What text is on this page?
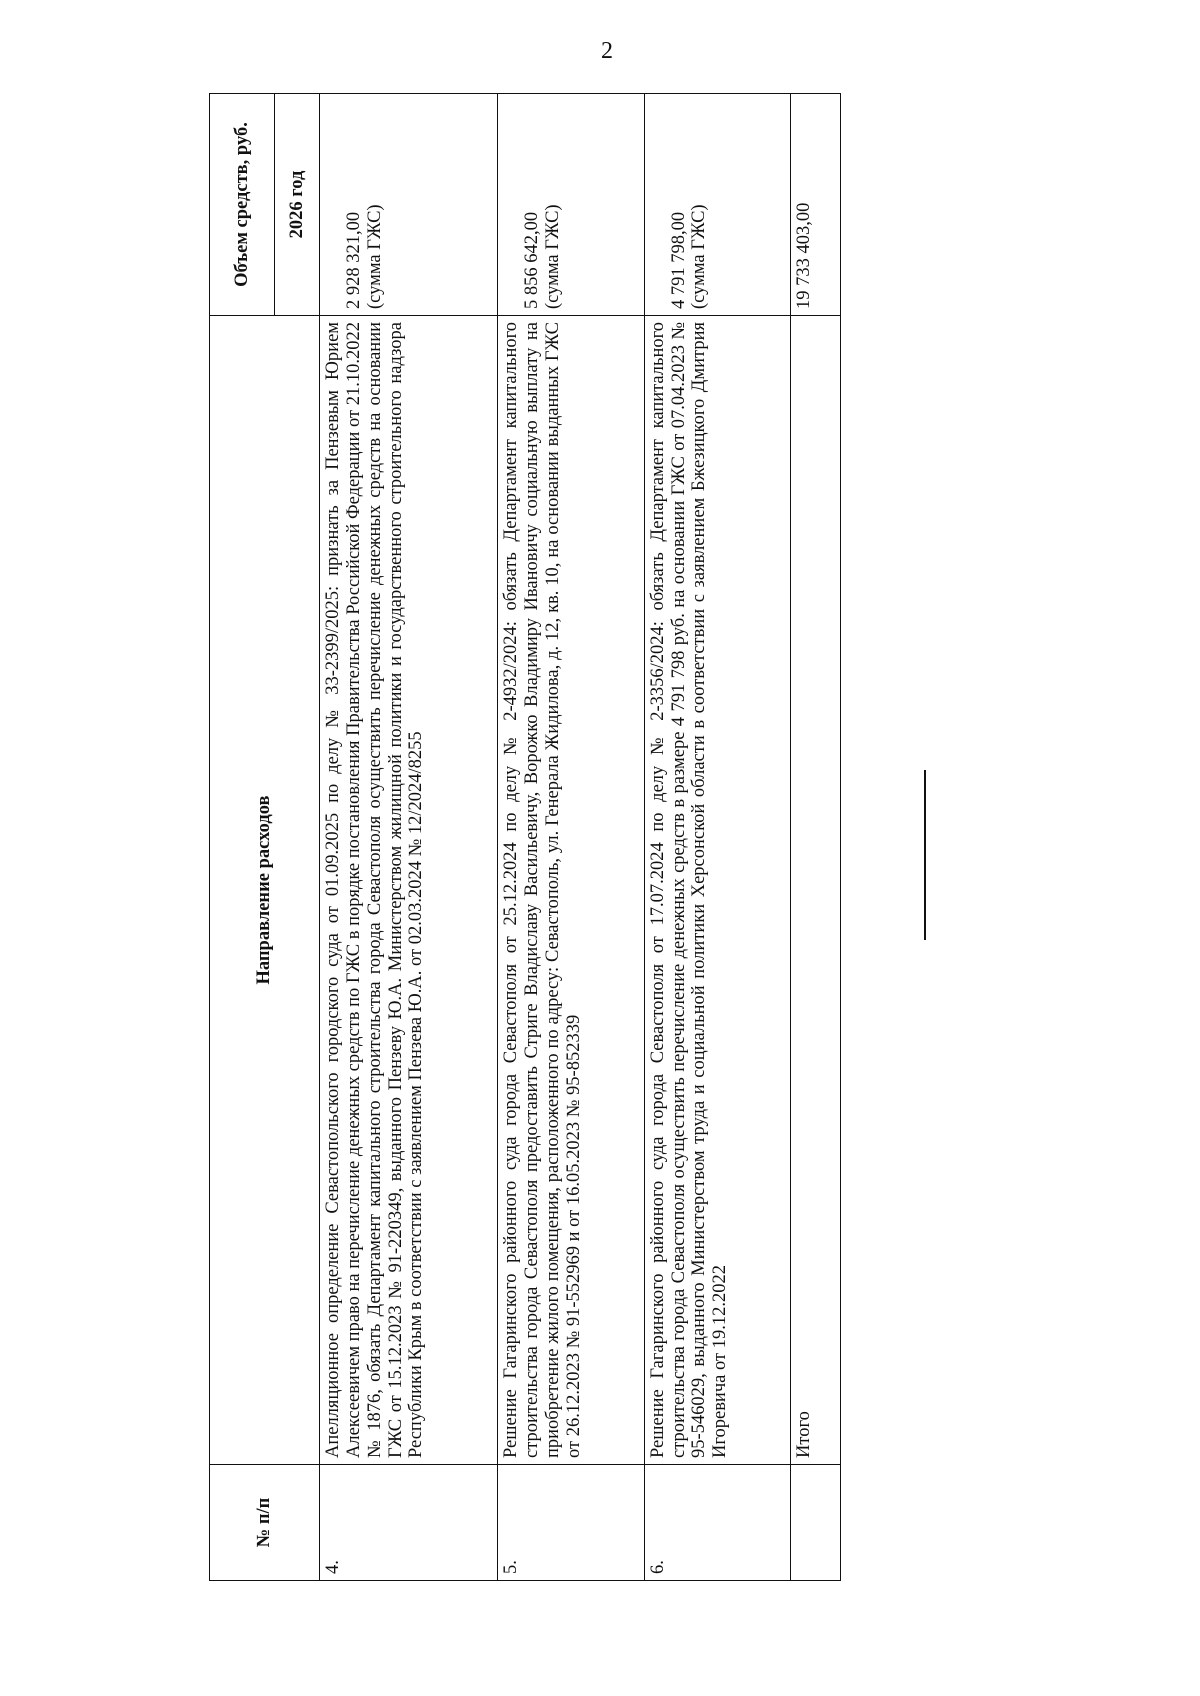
2
№ п/п	Направление расходов	Объем средств, руб.
		2026 год
4.	Апелляционное определение Севастопольского городского суда от 01.09.2025 по делу № 33-2399/2025: признать за Пензевым Юрием Алексеевичем право на перечисление денежных средств по ГЖС в порядке постановления Правительства Российской Федерации от 21.10.2022 № 1876, обязать Департамент капитального строительства города Севастополя осуществить перечисление денежных средств на основании ГЖС от 15.12.2023 № 91-220349, выданного Пензеву Ю.А. Министерством жилищной политики и государственного строительного надзора Республики Крым в соответствии с заявлением Пензева Ю.А. от 02.03.2024 № 12/2024/8255	2 928 321,00 (сумма ГЖС)

5.	Решение Гагаринского районного суда города Севастополя от 25.12.2024 по делу № 2-4932/2024: обязать Департамент капитального строительства города Севастополя предоставить Стриге Владиславу Васильевичу, Ворожко Владимиру Ивановичу социальную выплату на приобретение жилого помещения, расположенного по адресу: Севастополь, ул. Генерала Жидилова, д. 12, кв. 10, на основании выданных ГЖС от 26.12.2023 № 91-552969 и от 16.05.2023 № 95-852339	5 856 642,00 (сумма ГЖС)

6.	Решение Гагаринского районного суда города Севастополя от 17.07.2024 по делу № 2-3356/2024: обязать Департамент капитального строительства города Севастополя осуществить перечисление денежных средств в размере 4 791 798 руб. на основании ГЖС от 07.04.2023 № 95-546029, выданного Министерством труда и социальной политики Херсонской области в соответствии с заявлением Бжезицкого Дмитрия Игоревича от 19.12.2022	4 791 798,00 (сумма ГЖС)

	Итого	19 733 403,00
